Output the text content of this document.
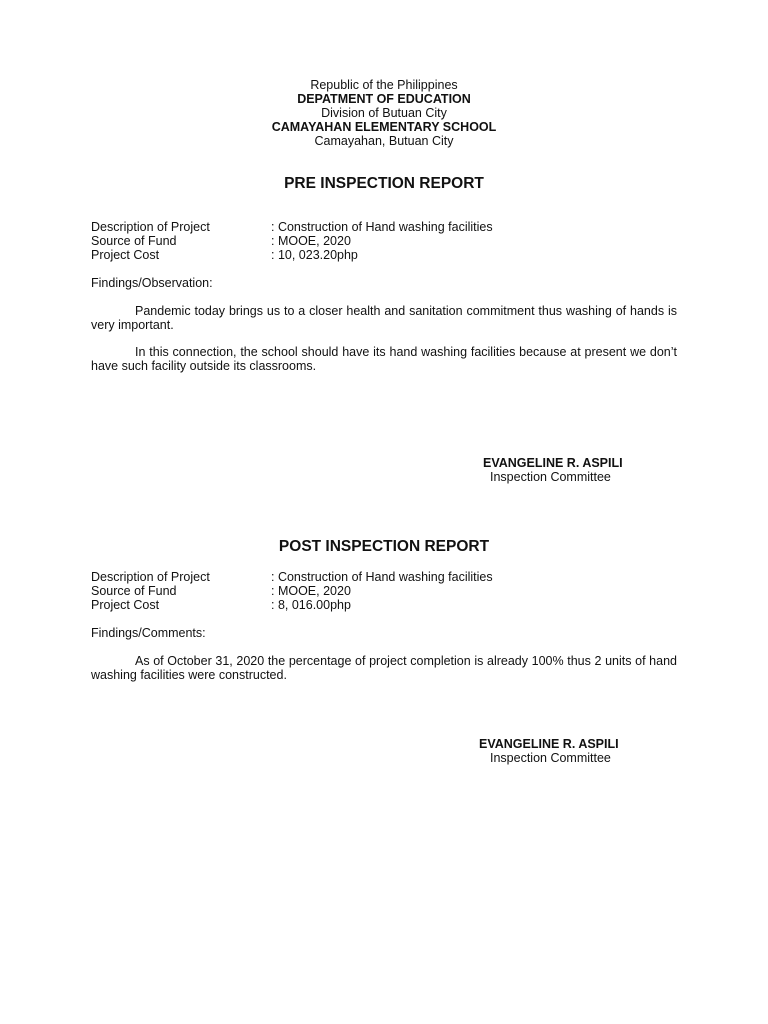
Republic of the Philippines
DEPATMENT OF EDUCATION
Division of Butuan City
CAMAYAHAN ELEMENTARY SCHOOL
Camayahan, Butuan City
PRE INSPECTION REPORT
Description of Project	: Construction of Hand washing facilities
Source of Fund	: MOOE, 2020
Project Cost	: 10, 023.20php
Findings/Observation:
Pandemic today brings us to a closer health and sanitation commitment thus washing of hands is very important.
In this connection, the school should have its hand washing facilities because at present we don’t have such facility outside its classrooms.
EVANGELINE R. ASPILI
Inspection Committee
POST INSPECTION REPORT
Description of Project	: Construction of Hand washing facilities
Source of Fund	: MOOE, 2020
Project Cost	: 8, 016.00php
Findings/Comments:
As of October 31, 2020 the percentage of project completion is already 100% thus 2 units of hand washing facilities were constructed.
EVANGELINE R. ASPILI
Inspection Committee
